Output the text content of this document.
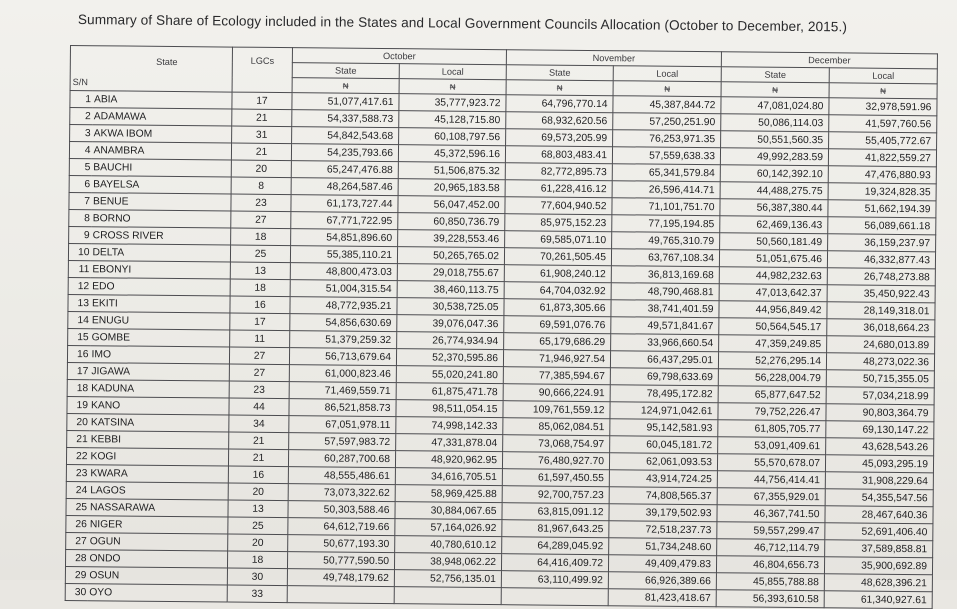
Summary of Share of Ecology included in the States and Local Government Councils Allocation (October to December, 2015.)
State
S/N		LGCs	October		November		December	
			State	Local	State	Local	State	Local
			₦	₦	₦	₦	₦	₦
1	ABIA	17	51,077,417.61	35,777,923.72	64,796,770.14	45,387,844.72	47,081,024.80	32,978,591.96
2	ADAMAWA	21	54,337,588.73	45,128,715.80	68,932,620.56	57,250,251.90	50,086,114.03	41,597,760.56
3	AKWA IBOM	31	54,842,543.68	60,108,797.56	69,573,205.99	76,253,971.35	50,551,560.35	55,405,772.67
4	ANAMBRA	21	54,235,793.66	45,372,596.16	68,803,483.41	57,559,638.33	49,992,283.59	41,822,559.27
5	BAUCHI	20	65,247,476.88	51,506,875.32	82,772,895.73	65,341,579.84	60,142,392.10	47,476,880.93
6	BAYELSA	8	48,264,587.46	20,965,183.58	61,228,416.12	26,596,414.71	44,488,275.75	19,324,828.35
7	BENUE	23	61,173,727.44	56,047,452.00	77,604,940.52	71,101,751.70	56,387,380.44	51,662,194.39
8	BORNO	27	67,771,722.95	60,850,736.79	85,975,152.23	77,195,194.85	62,469,136.43	56,089,661.18
9	CROSS RIVER	18	54,851,896.60	39,228,553.46	69,585,071.10	49,765,310.79	50,560,181.49	36,159,237.97
10	DELTA	25	55,385,110.21	50,265,765.02	70,261,505.45	63,767,108.34	51,051,675.46	46,332,877.43
11	EBONYI	13	48,800,473.03	29,018,755.67	61,908,240.12	36,813,169.68	44,982,232.63	26,748,273.88
12	EDO	18	51,004,315.54	38,460,113.75	64,704,032.92	48,790,468.81	47,013,642.37	35,450,922.43
13	EKITI	16	48,772,935.21	30,538,725.05	61,873,305.66	38,741,401.59	44,956,849.42	28,149,318.01
14	ENUGU	17	54,856,630.69	39,076,047.36	69,591,076.76	49,571,841.67	50,564,545.17	36,018,664.23
15	GOMBE	11	51,379,259.32	26,774,934.94	65,179,686.29	33,966,660.54	47,359,249.85	24,680,013.89
16	IMO	27	56,713,679.64	52,370,595.86	71,946,927.54	66,437,295.01	52,276,295.14	48,273,022.36
17	JIGAWA	27	61,000,823.46	55,020,241.80	77,385,594.67	69,798,633.69	56,228,004.79	50,715,355.05
18	KADUNA	23	71,469,559.71	61,875,471.78	90,666,224.91	78,495,172.82	65,877,647.52	57,034,218.99
19	KANO	44	86,521,858.73	98,511,054.15	109,761,559.12	124,971,042.61	79,752,226.47	90,803,364.79
20	KATSINA	34	67,051,978.11	74,998,142.33	85,062,084.51	95,142,581.93	61,805,705.77	69,130,147.22
21	KEBBI	21	57,597,983.72	47,331,878.04	73,068,754.97	60,045,181.72	53,091,409.61	43,628,543.26
22	KOGI	21	60,287,700.68	48,920,962.95	76,480,927.70	62,061,093.53	55,570,678.07	45,093,295.19
23	KWARA	16	48,555,486.61	34,616,705.51	61,597,450.55	43,914,724.25	44,756,414.41	31,908,229.64
24	LAGOS	20	73,073,322.62	58,969,425.88	92,700,757.23	74,808,565.37	67,355,929.01	54,355,547.56
25	NASSARAWA	13	50,303,588.46	30,884,067.65	63,815,091.12	39,179,502.93	46,367,741.50	28,467,640.36
26	NIGER	25	64,612,719.66	57,164,026.92	81,967,643.25	72,518,237.73	59,557,299.47	52,691,406.40
27	OGUN	20	50,677,193.30	40,780,610.12	64,289,045.92	51,734,248.60	46,712,114.79	37,589,858.81
28	ONDO	18	50,777,590.50	38,948,062.22	64,416,409.72	49,409,479.83	46,804,656.73	35,900,692.89
29	OSUN	30	49,748,179.62	52,756,135.01	63,110,499.92	66,926,389.66	45,855,788.88	48,628,396.21
30	OYO	33				81,423,418.67	56,393,610.58	61,340,927.61
